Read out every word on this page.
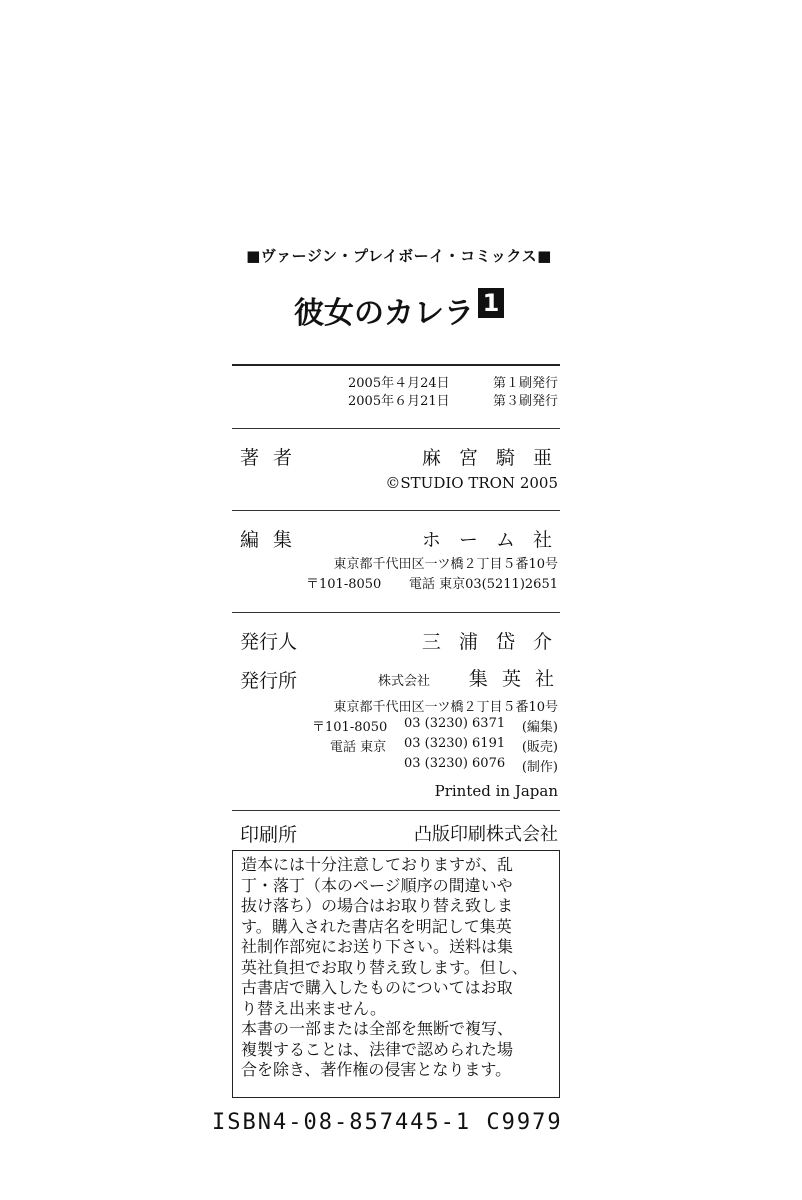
■ヴァージン・プレイボーイ・コミックス■
彼女のカレラ 1
2005年４月24日	第１刷発行
2005年６月21日	第３刷発行
著者	麻 宮 騎 亜
©STUDIO TRON 2005
編集	ホ ー ム 社
東京都千代田区一ツ橋２丁目５番10号
〒101-8050 電話 東京03(5211)2651
発行人	三 浦 岱 介
発行所	株式会社 集 英 社
東京都千代田区一ツ橋２丁目５番10号
〒101-8050 03 (3230) 6371 (編集)
電話 東京 03 (3230) 6191 (販売)
03 (3230) 6076 (制作)
Printed in Japan
印刷所	凸版印刷株式会社
造本には十分注意しておりますが、乱
丁・落丁（本のページ順序の間違いや
抜け落ち）の場合はお取り替え致しま
す。購入された書店名を明記して集英
社制作部宛にお送り下さい。送料は集
英社負担でお取り替え致します。但し、
古書店で購入したものについてはお取
り替え出来ません。
本書の一部または全部を無断で複写、
複製することは、法律で認められた場
合を除き、著作権の侵害となります。
ISBN4-08-857445-1 C9979
